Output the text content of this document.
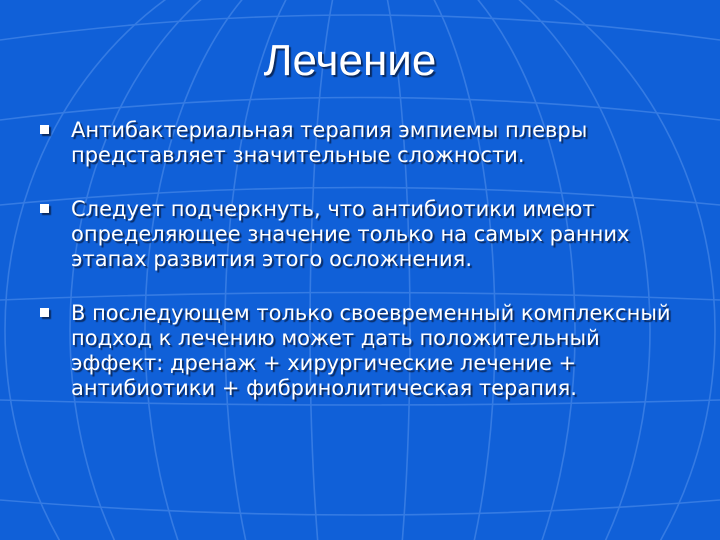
Лечение
Антибактериальная терапия эмпиемы плевры представляет значительные сложности.
Следует подчеркнуть, что антибиотики имеют определяющее значение только на самых ранних этапах развития этого осложнения.
В последующем только своевременный комплексный подход к лечению может дать положительный эффект: дренаж + хирургические лечение + антибиотики + фибринолитическая терапия.
